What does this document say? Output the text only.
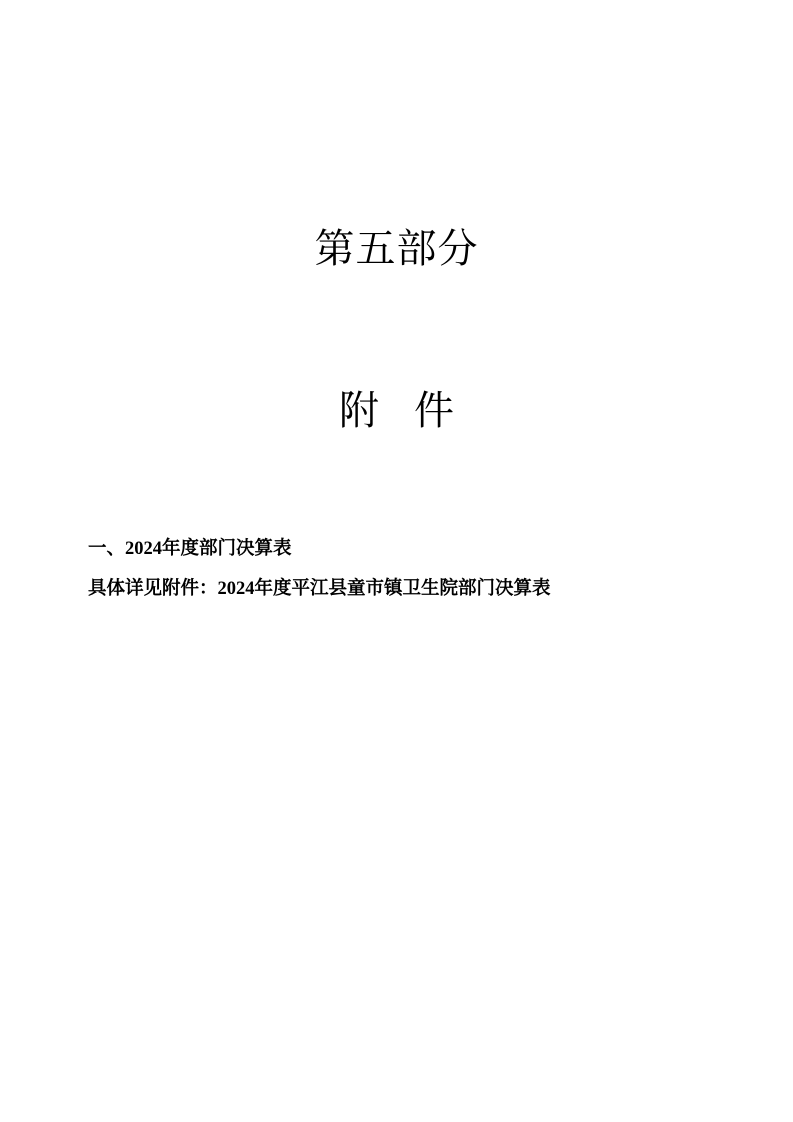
第五部分
附 件
一、2024年度部门决算表
具体详见附件：2024年度平江县童市镇卫生院部门决算表
